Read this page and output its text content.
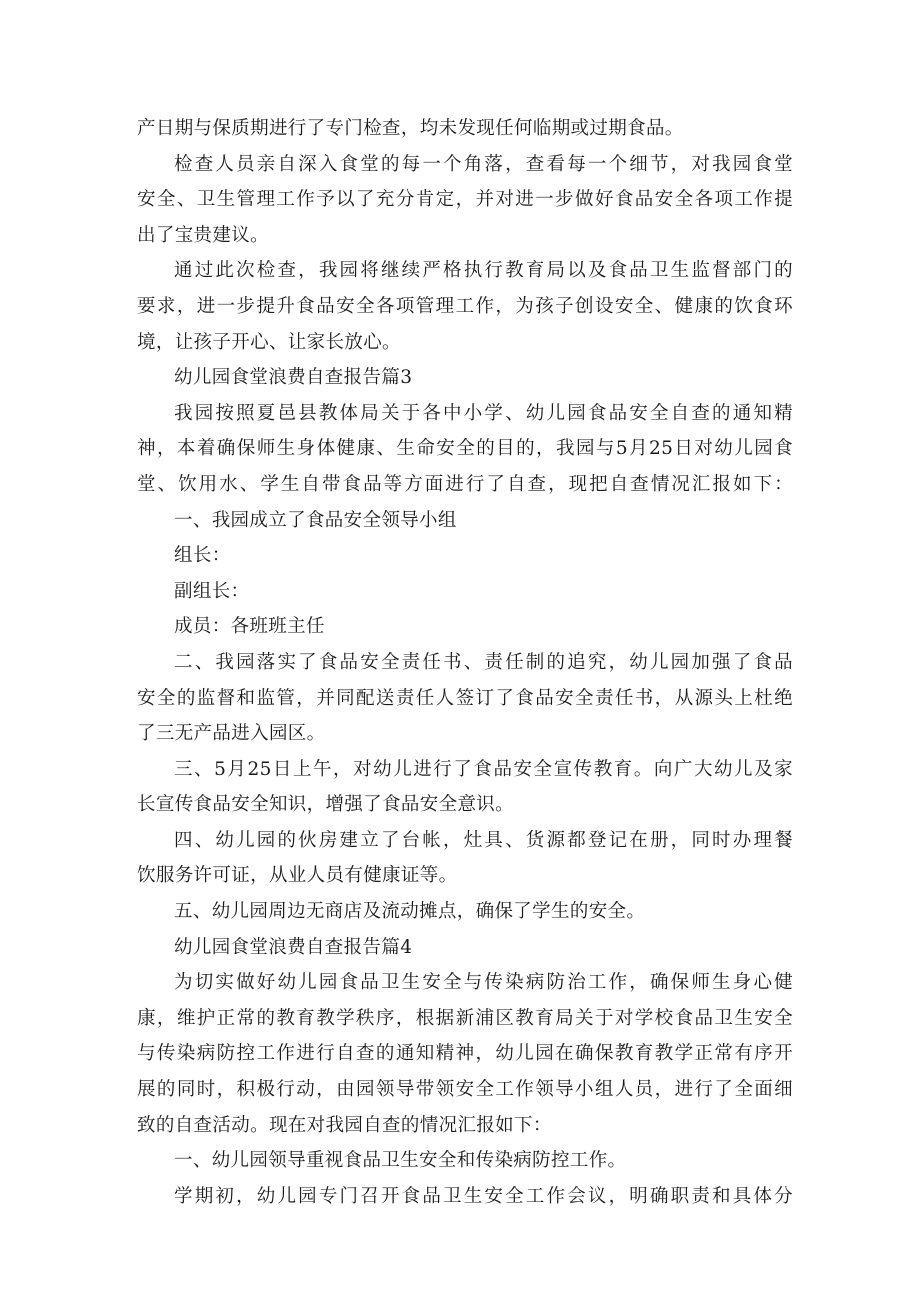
产日期与保质期进行了专门检查，均未发现任何临期或过期食品。
检查人员亲自深入食堂的每一个角落，查看每一个细节，对我园食堂
安全、卫生管理工作予以了充分肯定，并对进一步做好食品安全各项工作提
出了宝贵建议。
通过此次检查，我园将继续严格执行教育局以及食品卫生监督部门的
要求，进一步提升食品安全各项管理工作，为孩子创设安全、健康的饮食环
境，让孩子开心、让家长放心。
幼儿园食堂浪费自查报告篇3
我园按照夏邑县教体局关于各中小学、幼儿园食品安全自查的通知精
神，本着确保师生身体健康、生命安全的目的，我园与5月25日对幼儿园食
堂、饮用水、学生自带食品等方面进行了自查，现把自查情况汇报如下：
一、我园成立了食品安全领导小组
组长：
副组长：
成员：各班班主任
二、我园落实了食品安全责任书、责任制的追究，幼儿园加强了食品
安全的监督和监管，并同配送责任人签订了食品安全责任书，从源头上杜绝
了三无产品进入园区。
三、5月25日上午，对幼儿进行了食品安全宣传教育。向广大幼儿及家
长宣传食品安全知识，增强了食品安全意识。
四、幼儿园的伙房建立了台帐，灶具、货源都登记在册，同时办理餐
饮服务许可证，从业人员有健康证等。
五、幼儿园周边无商店及流动摊点，确保了学生的安全。
幼儿园食堂浪费自查报告篇4
为切实做好幼儿园食品卫生安全与传染病防治工作，确保师生身心健
康，维护正常的教育教学秩序，根据新浦区教育局关于对学校食品卫生安全
与传染病防控工作进行自查的通知精神，幼儿园在确保教育教学正常有序开
展的同时，积极行动，由园领导带领安全工作领导小组人员，进行了全面细
致的自查活动。现在对我园自查的情况汇报如下：
一、幼儿园领导重视食品卫生安全和传染病防控工作。
学期初，幼儿园专门召开食品卫生安全工作会议，明确职责和具体分
